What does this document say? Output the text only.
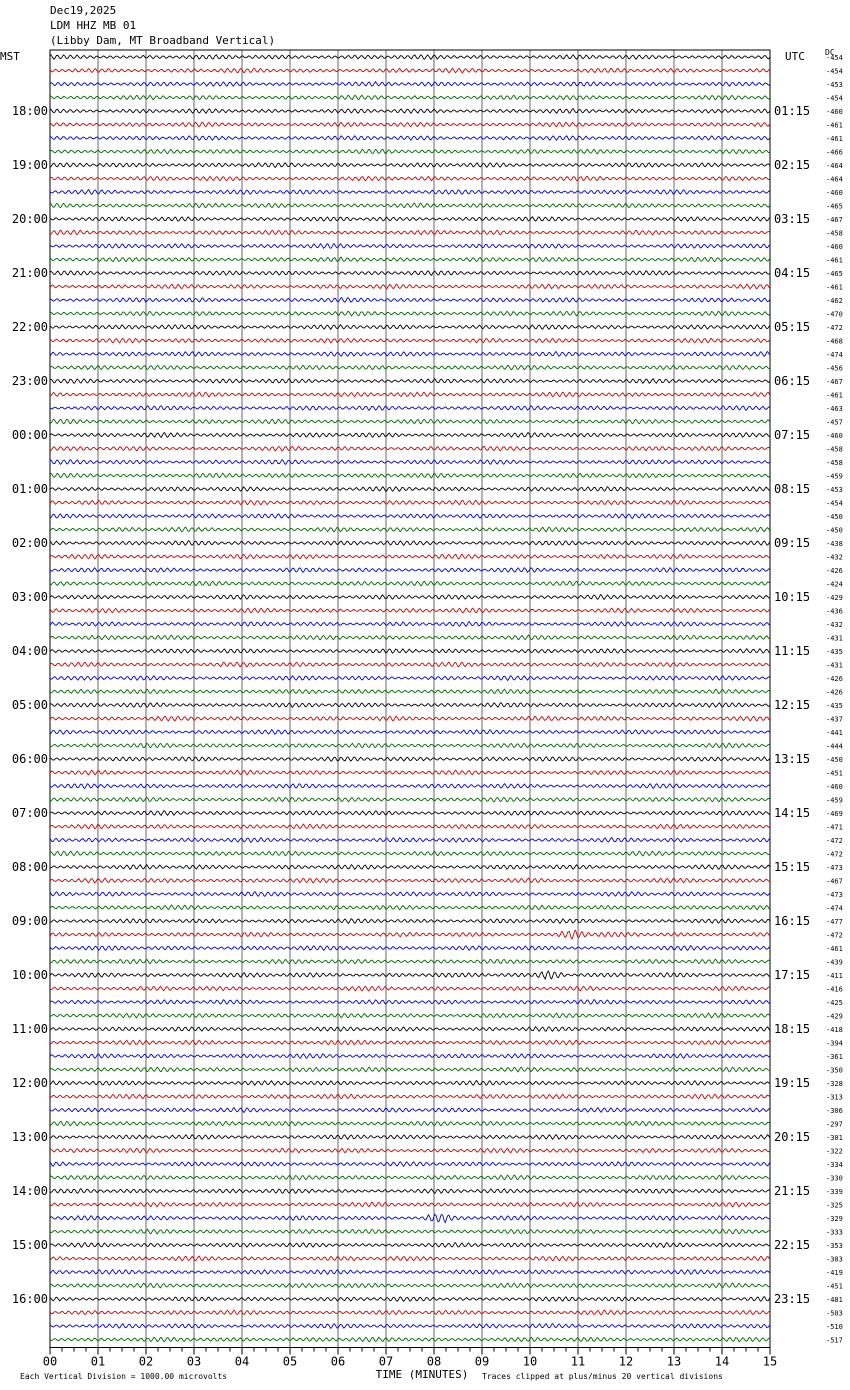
Dec19,2025
LDM HHZ MB 01
(Libby Dam, MT Broadband Vertical)
MST	UTC	DC
18:00
19:00
20:00
21:00
22:00
23:00
00:00
01:00
02:00
03:00
04:00
05:00
06:00
07:00
08:00
09:00
10:00
11:00
12:00
13:00
14:00
15:00
16:00
01:15
02:15
03:15
04:15
05:15
06:15
07:15
08:15
09:15
10:15
11:15
12:15
13:15
14:15
15:15
16:15
17:15
18:15
19:15
20:15
21:15
22:15
23:15
-454
-454
-453
-454
-460
-461
-461
-466
-464
-464
-460
-465
-467
-458
-460
-461
-465
-461
-462
-470
-472
-468
-474
-456
-467
-461
-463
-457
-460
-458
-458
-459
-453
-454
-450
-450
-438
-432
-426
-424
-429
-436
-432
-431
-435
-431
-426
-426
-435
-437
-441
-444
-450
-451
-460
-459
-469
-471
-472
-472
-473
-467
-473
-474
-477
-472
-461
-439
-411
-416
-425
-429
-418
-394
-361
-350
-328
-313
-306
-297
-301
-322
-334
-330
-339
-325
-329
-333
-353
-383
-419
-451
-481
-503
-510
-517
00	01	02	03	04	05	06	07	08	09	10	11	12	13	14	15
TIME (MINUTES)
Each Vertical Division = 1000.00 microvolts	Traces clipped at plus/minus 20 vertical divisions
